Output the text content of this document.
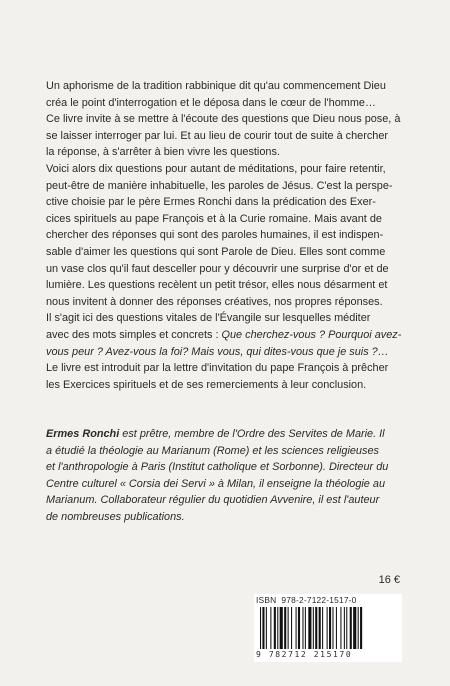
Un aphorisme de la tradition rabbinique dit qu'au commencement Dieu

créa le point d'interrogation et le déposa dans le cœur de l'homme…

Ce livre invite à se mettre à l'écoute des questions que Dieu nous pose, à

se laisser interroger par lui. Et au lieu de courir tout de suite à chercher

la réponse, à s'arrêter à bien vivre les questions.

Voici alors dix questions pour autant de méditations, pour faire retentir,

peut-être de manière inhabituelle, les paroles de Jésus. C'est la perspe-

ctive choisie par le père Ermes Ronchi dans la prédication des Exer-

cices spirituels au pape François et à la Curie romaine. Mais avant de

chercher des réponses qui sont des paroles humaines, il est indispen-

sable d'aimer les questions qui sont Parole de Dieu. Elles sont comme

un vase clos qu'il faut desceller pour y découvrir une surprise d'or et de

lumière. Les questions recèlent un petit trésor, elles nous désarment et

nous invitent à donner des réponses créatives, nos propres réponses.

Il s'agit ici des questions vitales de l'Évangile sur lesquelles méditer

avec des mots simples et concrets : Que cherchez-vous ? Pourquoi avez-

vous peur ? Avez-vous la foi? Mais vous, qui dites-vous que je suis ?…

Le livre est introduit par la lettre d'invitation du pape François à prêcher

les Exercices spirituels et de ses remerciements à leur conclusion.

Ermes Ronchi est prêtre, membre de l'Ordre des Servites de Marie. Il
a étudié la théologie au Marianum (Rome) et les sciences religieuses
et l'anthropologie à Paris (Institut catholique et Sorbonne). Directeur du
Centre culturel « Corsia dei Servi » à Milan, il enseigne la théologie au
Marianum. Collaborateur régulier du quotidien Avvenire, il est l'auteur
de nombreuses publications.
16 €
ISBN 978-2-7122-1517-0
9 782712 215170
